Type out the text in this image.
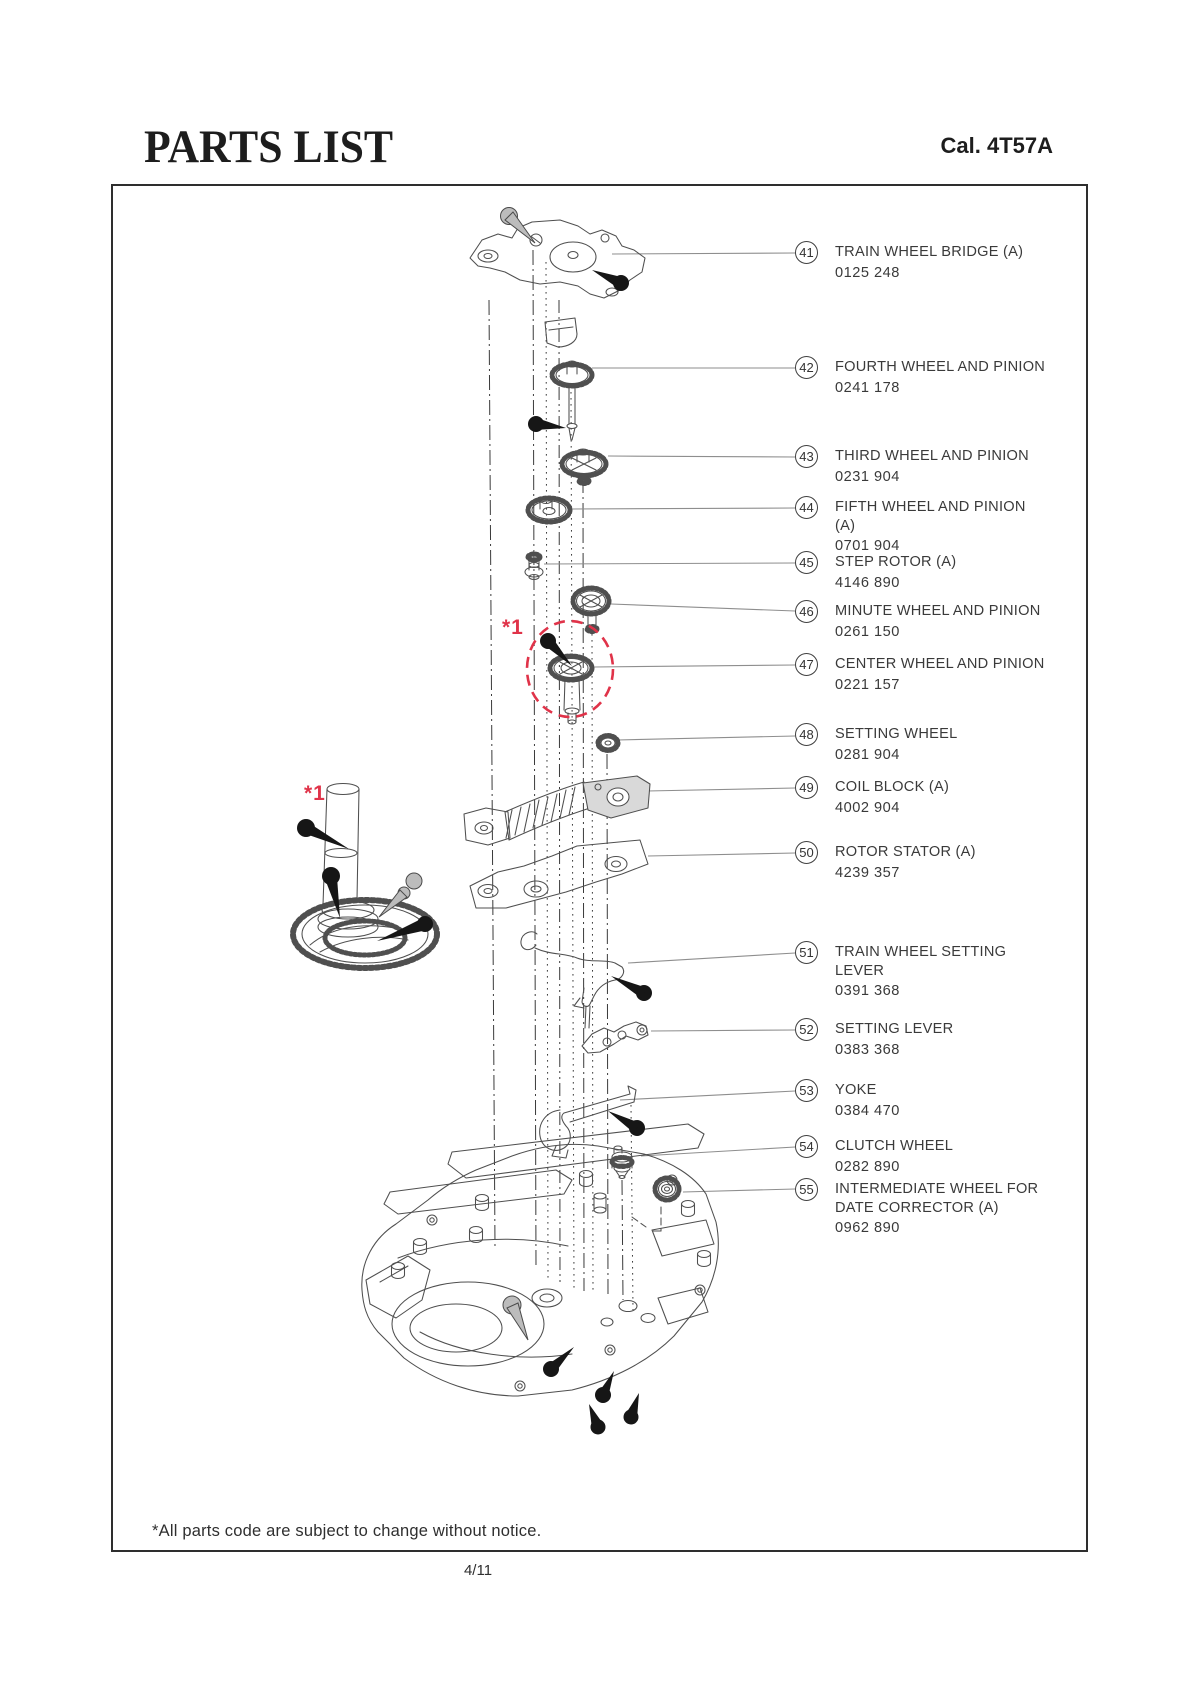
PARTS LIST	Cal. 4T57A
*1
*1
41 TRAIN WHEEL BRIDGE (A)
0125 248
42 FOURTH WHEEL AND PINION
0241 178
43 THIRD WHEEL AND PINION
0231 904
44 FIFTH WHEEL AND PINION (A)
0701 904
45 STEP ROTOR (A)
4146 890
46 MINUTE WHEEL AND PINION
0261 150
47 CENTER WHEEL AND PINION
0221 157
48 SETTING WHEEL
0281 904
49 COIL BLOCK (A)
4002 904
50 ROTOR STATOR (A)
4239 357
51 TRAIN WHEEL SETTING LEVER
0391 368
52 SETTING LEVER
0383 368
53 YOKE
0384 470
54 CLUTCH WHEEL
0282 890
55 INTERMEDIATE WHEEL FOR DATE CORRECTOR (A)
0962 890
*All parts code are subject to change without notice.
4/11
